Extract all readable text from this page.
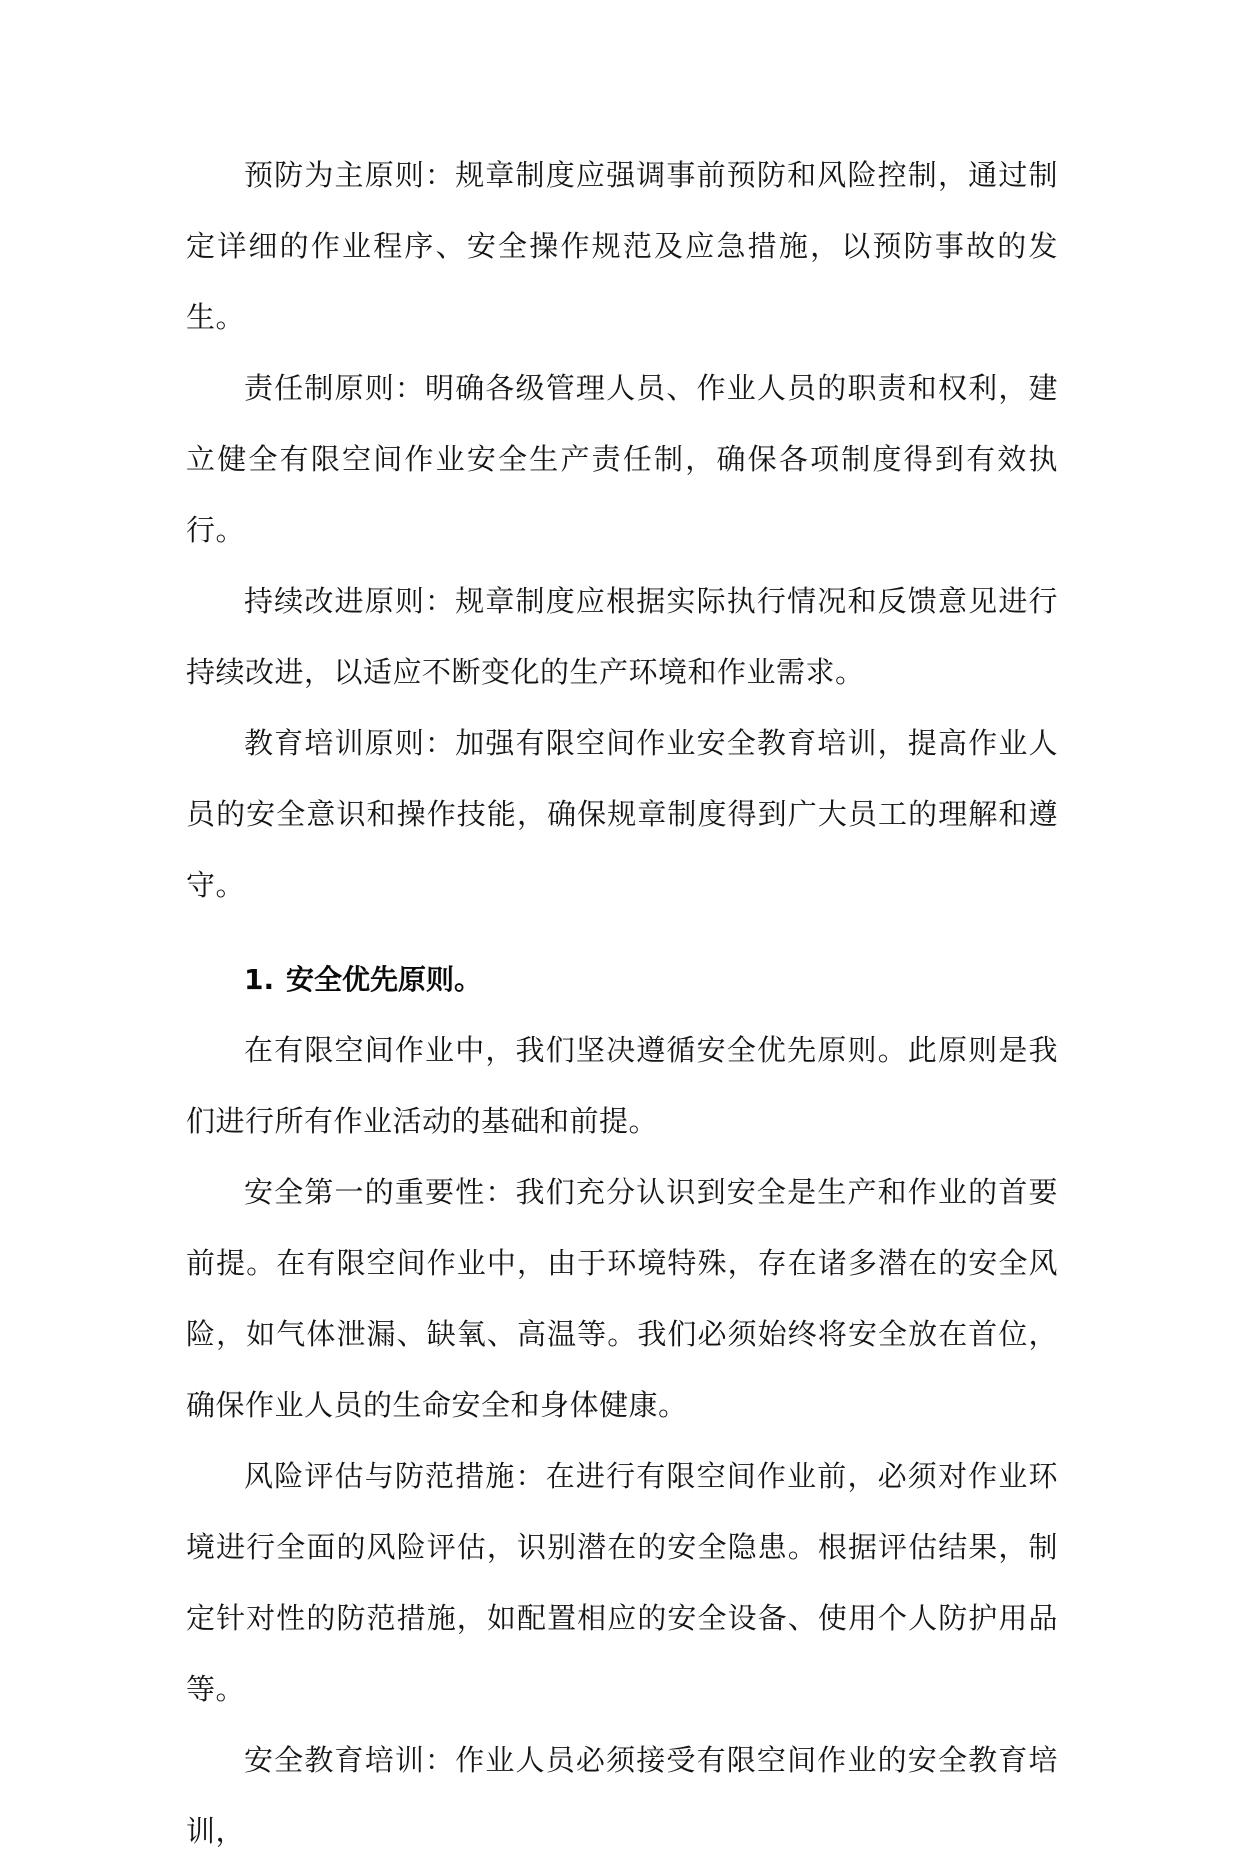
预防为主原则：规章制度应强调事前预防和风险控制，通过制定详细的作业程序、安全操作规范及应急措施，以预防事故的发生。

责任制原则：明确各级管理人员、作业人员的职责和权利，建立健全有限空间作业安全生产责任制，确保各项制度得到有效执行。

持续改进原则：规章制度应根据实际执行情况和反馈意见进行持续改进，以适应不断变化的生产环境和作业需求。

教育培训原则：加强有限空间作业安全教育培训，提高作业人员的安全意识和操作技能，确保规章制度得到广大员工的理解和遵守。

1. 安全优先原则。

在有限空间作业中，我们坚决遵循安全优先原则。此原则是我们进行所有作业活动的基础和前提。

安全第一的重要性：我们充分认识到安全是生产和作业的首要前提。在有限空间作业中，由于环境特殊，存在诸多潜在的安全风险，如气体泄漏、缺氧、高温等。我们必须始终将安全放在首位，确保作业人员的生命安全和身体健康。

风险评估与防范措施：在进行有限空间作业前，必须对作业环境进行全面的风险评估，识别潜在的安全隐患。根据评估结果，制定针对性的防范措施，如配置相应的安全设备、使用个人防护用品等。

安全教育培训：作业人员必须接受有限空间作业的安全教育培训，
